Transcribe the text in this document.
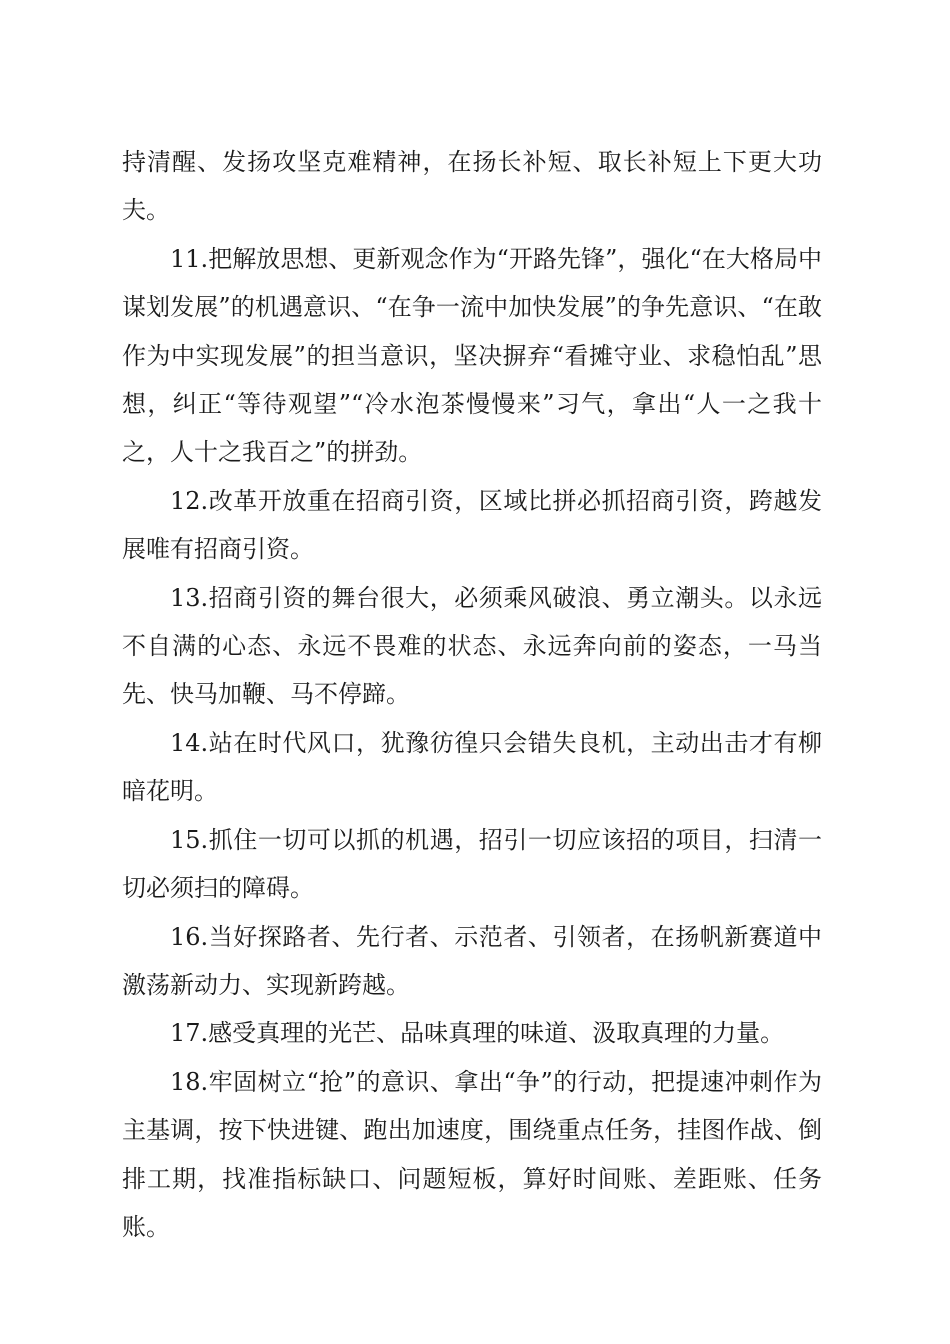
持清醒、发扬攻坚克难精神，在扬长补短、取长补短上下更大功夫。

11.把解放思想、更新观念作为“开路先锋”，强化“在大格局中谋划发展”的机遇意识、“在争一流中加快发展”的争先意识、“在敢作为中实现发展”的担当意识，坚决摒弃“看摊守业、求稳怕乱”思想，纠正“等待观望”“冷水泡茶慢慢来”习气，拿出“人一之我十之，人十之我百之”的拼劲。

12.改革开放重在招商引资，区域比拼必抓招商引资，跨越发展唯有招商引资。

13.招商引资的舞台很大，必须乘风破浪、勇立潮头。以永远不自满的心态、永远不畏难的状态、永远奔向前的姿态，一马当先、快马加鞭、马不停蹄。

14.站在时代风口，犹豫彷徨只会错失良机，主动出击才有柳暗花明。

15.抓住一切可以抓的机遇，招引一切应该招的项目，扫清一切必须扫的障碍。

16.当好探路者、先行者、示范者、引领者，在扬帆新赛道中激荡新动力、实现新跨越。

17.感受真理的光芒、品味真理的味道、汲取真理的力量。

18.牢固树立“抢”的意识、拿出“争”的行动，把提速冲刺作为主基调，按下快进键、跑出加速度，围绕重点任务，挂图作战、倒排工期，找准指标缺口、问题短板，算好时间账、差距账、任务账。
